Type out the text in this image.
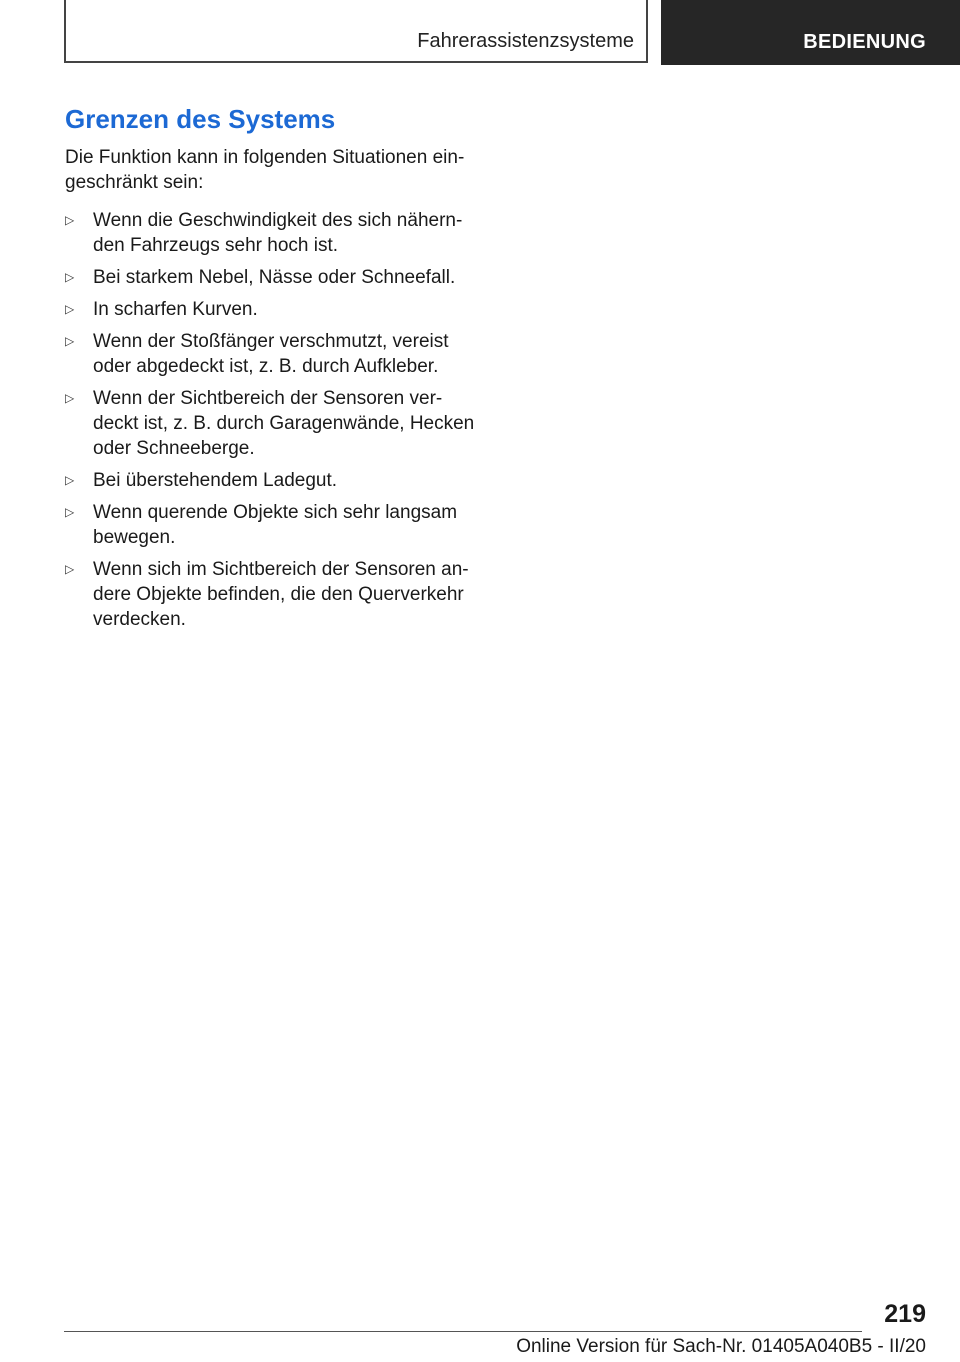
Fahrerassistenzsysteme	BEDIENUNG
Grenzen des Systems

Die Funktion kann in folgenden Situationen ein-
geschränkt sein:

▷ Wenn die Geschwindigkeit des sich nähern-
den Fahrzeugs sehr hoch ist.
▷ Bei starkem Nebel, Nässe oder Schneefall.
▷ In scharfen Kurven.
▷ Wenn der Stoßfänger verschmutzt, vereist
oder abgedeckt ist, z. B. durch Aufkleber.
▷ Wenn der Sichtbereich der Sensoren ver-
deckt ist, z. B. durch Garagenwände, Hecken
oder Schneeberge.
▷ Bei überstehendem Ladegut.
▷ Wenn querende Objekte sich sehr langsam
bewegen.
▷ Wenn sich im Sichtbereich der Sensoren an-
dere Objekte befinden, die den Querverkehr
verdecken.
219
Online Version für Sach-Nr. 01405A040B5 - II/20
